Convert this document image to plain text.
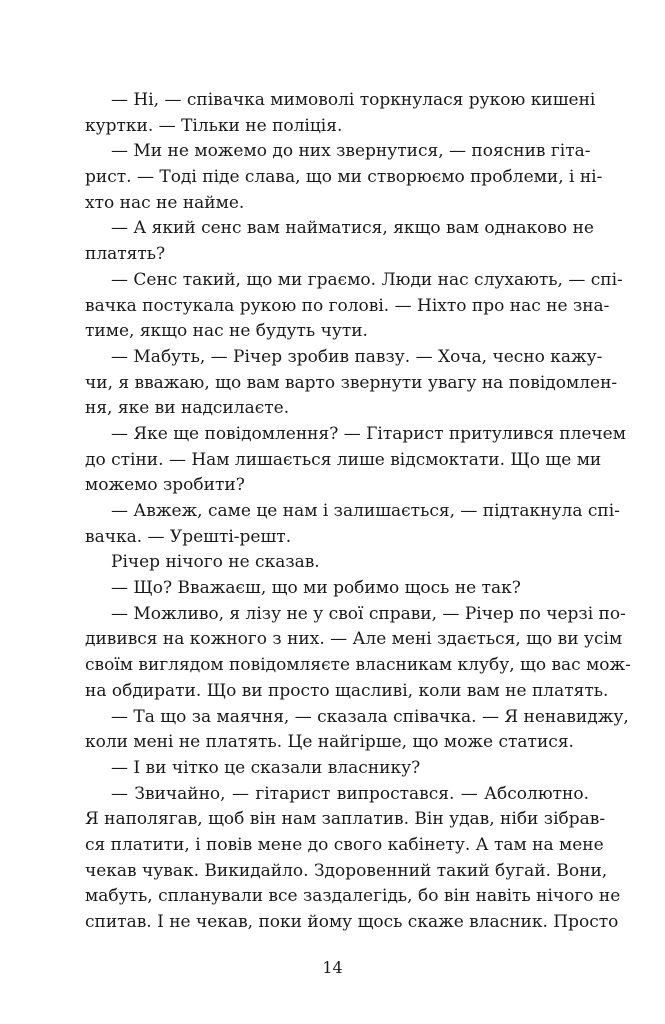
— Ні, — співачка мимоволі торкнулася рукою кишені
куртки. — Тільки не поліція.
— Ми не можемо до них звернутися, — пояснив гіта-
рист. — Тоді піде слава, що ми створюємо проблеми, і ні-
хто нас не найме.
— А який сенс вам найматися, якщо вам однаково не
платять?
— Сенс такий, що ми граємо. Люди нас слухають, — спі-
вачка постукала рукою по голові. — Ніхто про нас не зна-
тиме, якщо нас не будуть чути.
— Мабуть, — Річер зробив павзу. — Хоча, чесно кажу-
чи, я вважаю, що вам варто звернути увагу на повідомлен-
ня, яке ви надсилаєте.
— Яке ще повідомлення? — Гітарист притулився плечем
до стіни. — Нам лишається лише відсмоктати. Що ще ми
можемо зробити?
— Авжеж, саме це нам і залишається, — підтакнула спі-
вачка. — Урешті-решт.
Річер нічого не сказав.
— Що? Вважаєш, що ми робимо щось не так?
— Можливо, я лізу не у свої справи, — Річер по черзі по-
дивився на кожного з них. — Але мені здається, що ви усім
своїм виглядом повідомляєте власникам клубу, що вас мож-
на обдирати. Що ви просто щасливі, коли вам не платять.
— Та що за маячня, — сказала співачка. — Я ненавиджу,
коли мені не платять. Це найгірше, що може статися.
— І ви чітко це сказали власнику?
— Звичайно, — гітарист випростався. — Абсолютно.
Я наполягав, щоб він нам заплатив. Він удав, ніби зібрав-
ся платити, і повів мене до свого кабінету. А там на мене
чекав чувак. Викидайло. Здоровенний такий бугай. Вони,
мабуть, спланували все заздалегідь, бо він навіть нічого не
спитав. І не чекав, поки йому щось скаже власник. Просто
14
